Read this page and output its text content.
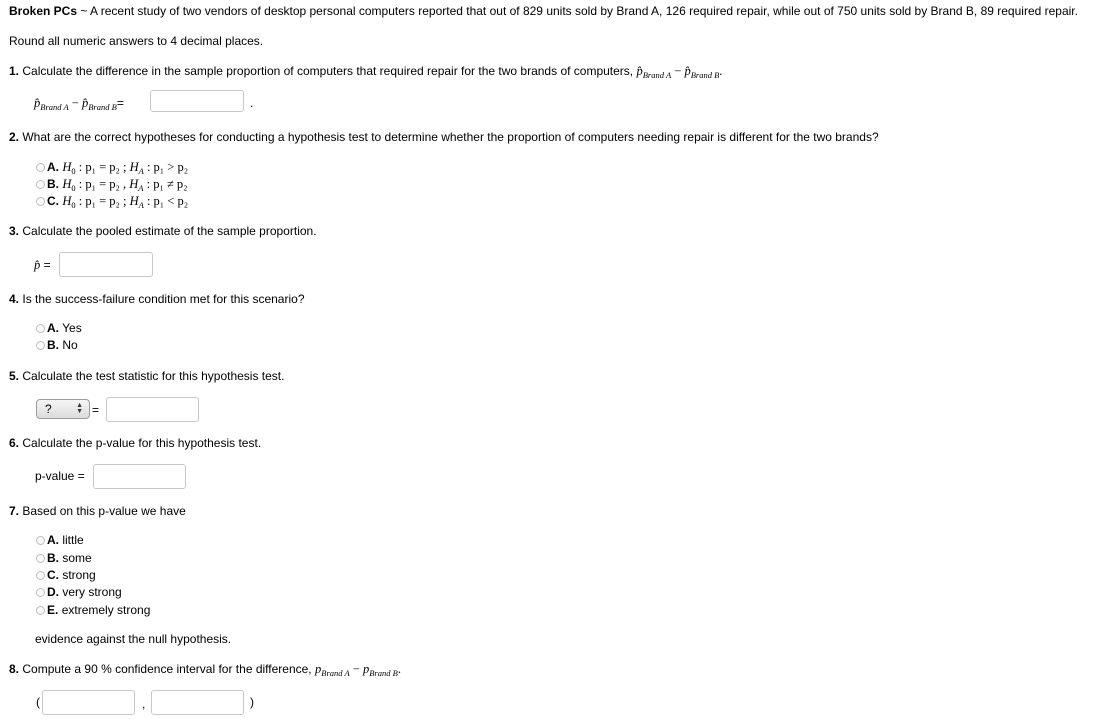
Broken PCs ~ A recent study of two vendors of desktop personal computers reported that out of 829 units sold by Brand A, 126 required repair, while out of 750 units sold by Brand B, 89 required repair.
Round all numeric answers to 4 decimal places.
1. Calculate the difference in the sample proportion of computers that required repair for the two brands of computers, $p̂_{Brand A}$ − $p̂_{Brand B}$.
$p̂_{Brand A}$ − $p̂_{Brand B}=$	.
2. What are the correct hypotheses for conducting a hypothesis test to determine whether the proportion of computers needing repair is different for the two brands?
A. $H_0$ : p₁ = p₂ ; $H_A$ : p₁ > p₂
B. $H_0$ : p₁ = p₂ , $H_A$ : p₁ ≠ p₂
C. $H_0$ : p₁ = p₂ ; $H_A$ : p₁ < p₂
3. Calculate the pooled estimate of the sample proportion.
p̂ =
4. Is the success-failure condition met for this scenario?
A. Yes
B. No
5. Calculate the test statistic for this hypothesis test.
?	▲
▼ =
6. Calculate the p-value for this hypothesis test.
p-value =
7. Based on this p-value we have
A. little
B. some
C. strong
D. very strong
E. extremely strong
evidence against the null hypothesis.
8. Compute a 90 % confidence interval for the difference, $p_{Brand A} - p_{Brand B}$.
(	,	)
